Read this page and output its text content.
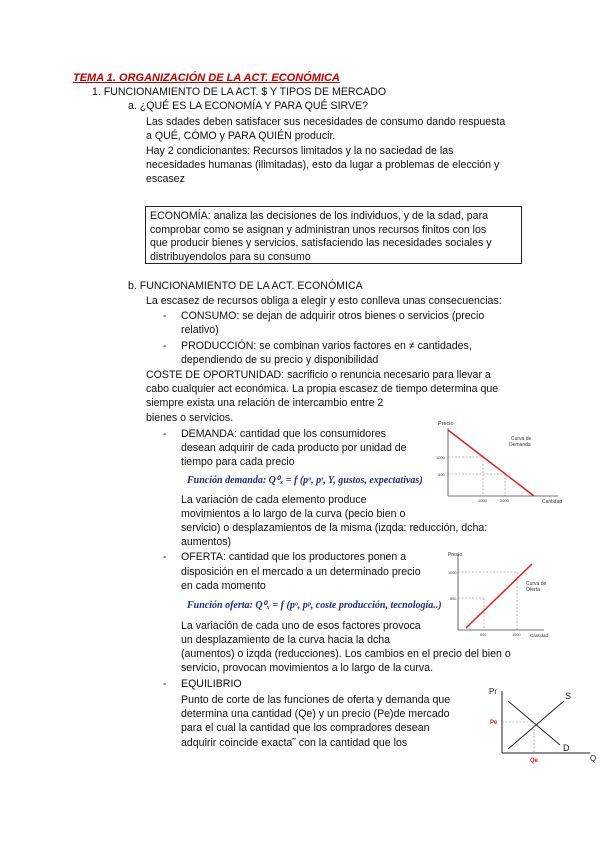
TEMA 1. ORGANIZACIÓN DE LA ACT. ECONÓMICA
1. FUNCIONAMIENTO DE LA ACT. $ Y TIPOS DE MERCADO
a. ¿QUÉ ES LA ECONOMÍA Y PARA QUÉ SIRVE?
Las sdades deben satisfacer sus necesidades de consumo dando respuesta
a QUÉ, CÓMO y PARA QUIÉN producir.
Hay 2 condicionantes: Recursos limitados y la no saciedad de las
necesidades humanas (ilimitadas), esto da lugar a problemas de elección y
escasez
ECONOMÍA: analiza las decisiones de los individuos, y de la sdad, para
comprobar como se asignan y administran unos recursos finitos con los
que producir bienes y servicios, satisfaciendo las necesidades sociales y
distribuyendolos para su consumo
b. FUNCIONAMIENTO DE LA ACT. ECONÓMICA
La escasez de recursos obliga a elegir y esto conlleva unas consecuencias:
- CONSUMO: se dejan de adquirir otros bienes o servicios (precio
relativo)
- PRODUCCIÓN: se combinan varios factores en ≠ cantidades,
dependiendo de su precio y disponibilidad
COSTE DE OPORTUNIDAD: sacrificio o renuncia necesario para llevar a
cabo cualquier act económica. La propia escasez de tiempo determina que
siempre exista una relación de intercambio entre 2
bienes o servicios.
- DEMANDA: cantidad que los consumidores
desean adquirir de cada producto por unidad de
tiempo para cada precio
Función demanda: Q⁰ₓ = f (pᵒ, pʳ, Y, gustos, expectativas)
La variación de cada elemento produce
movimientos a lo largo de la curva (pecio bien o
servicio) o desplazamientos de la misma (izqda: reducción, dcha:
aumentos)
- OFERTA: cantidad que los productores ponen a
disposición en el mercado a un determinado precio
en cada momento
Función oferta: Q⁰ₓ = f (pᵒ, pᵖ, coste producción, tecnología..)
La variación de cada uno de esos factores provoca
un desplazamiento de la curva hacia la dcha
(aumentos) o izqda (reducciones). Los cambios en el precio del bien o
servicio, provocan movimientos a lo largo de la curva.
- EQUILIBRIO
Punto de corte de las funciones de oferta y demanda que
determina una cantidad (Qe) y un precio (Pe)de mercado
para el cual la cantidad que los compradores desean
adquirir coincide exacta˜ con la cantidad que los
Precio
1000
500
1000	2000	Cantidad
Curva de
Demanda
Precio
1000
500
500	1000 Cantidad
Curva de
Oferta
Pr	S
D
Q
Pe
Qe
